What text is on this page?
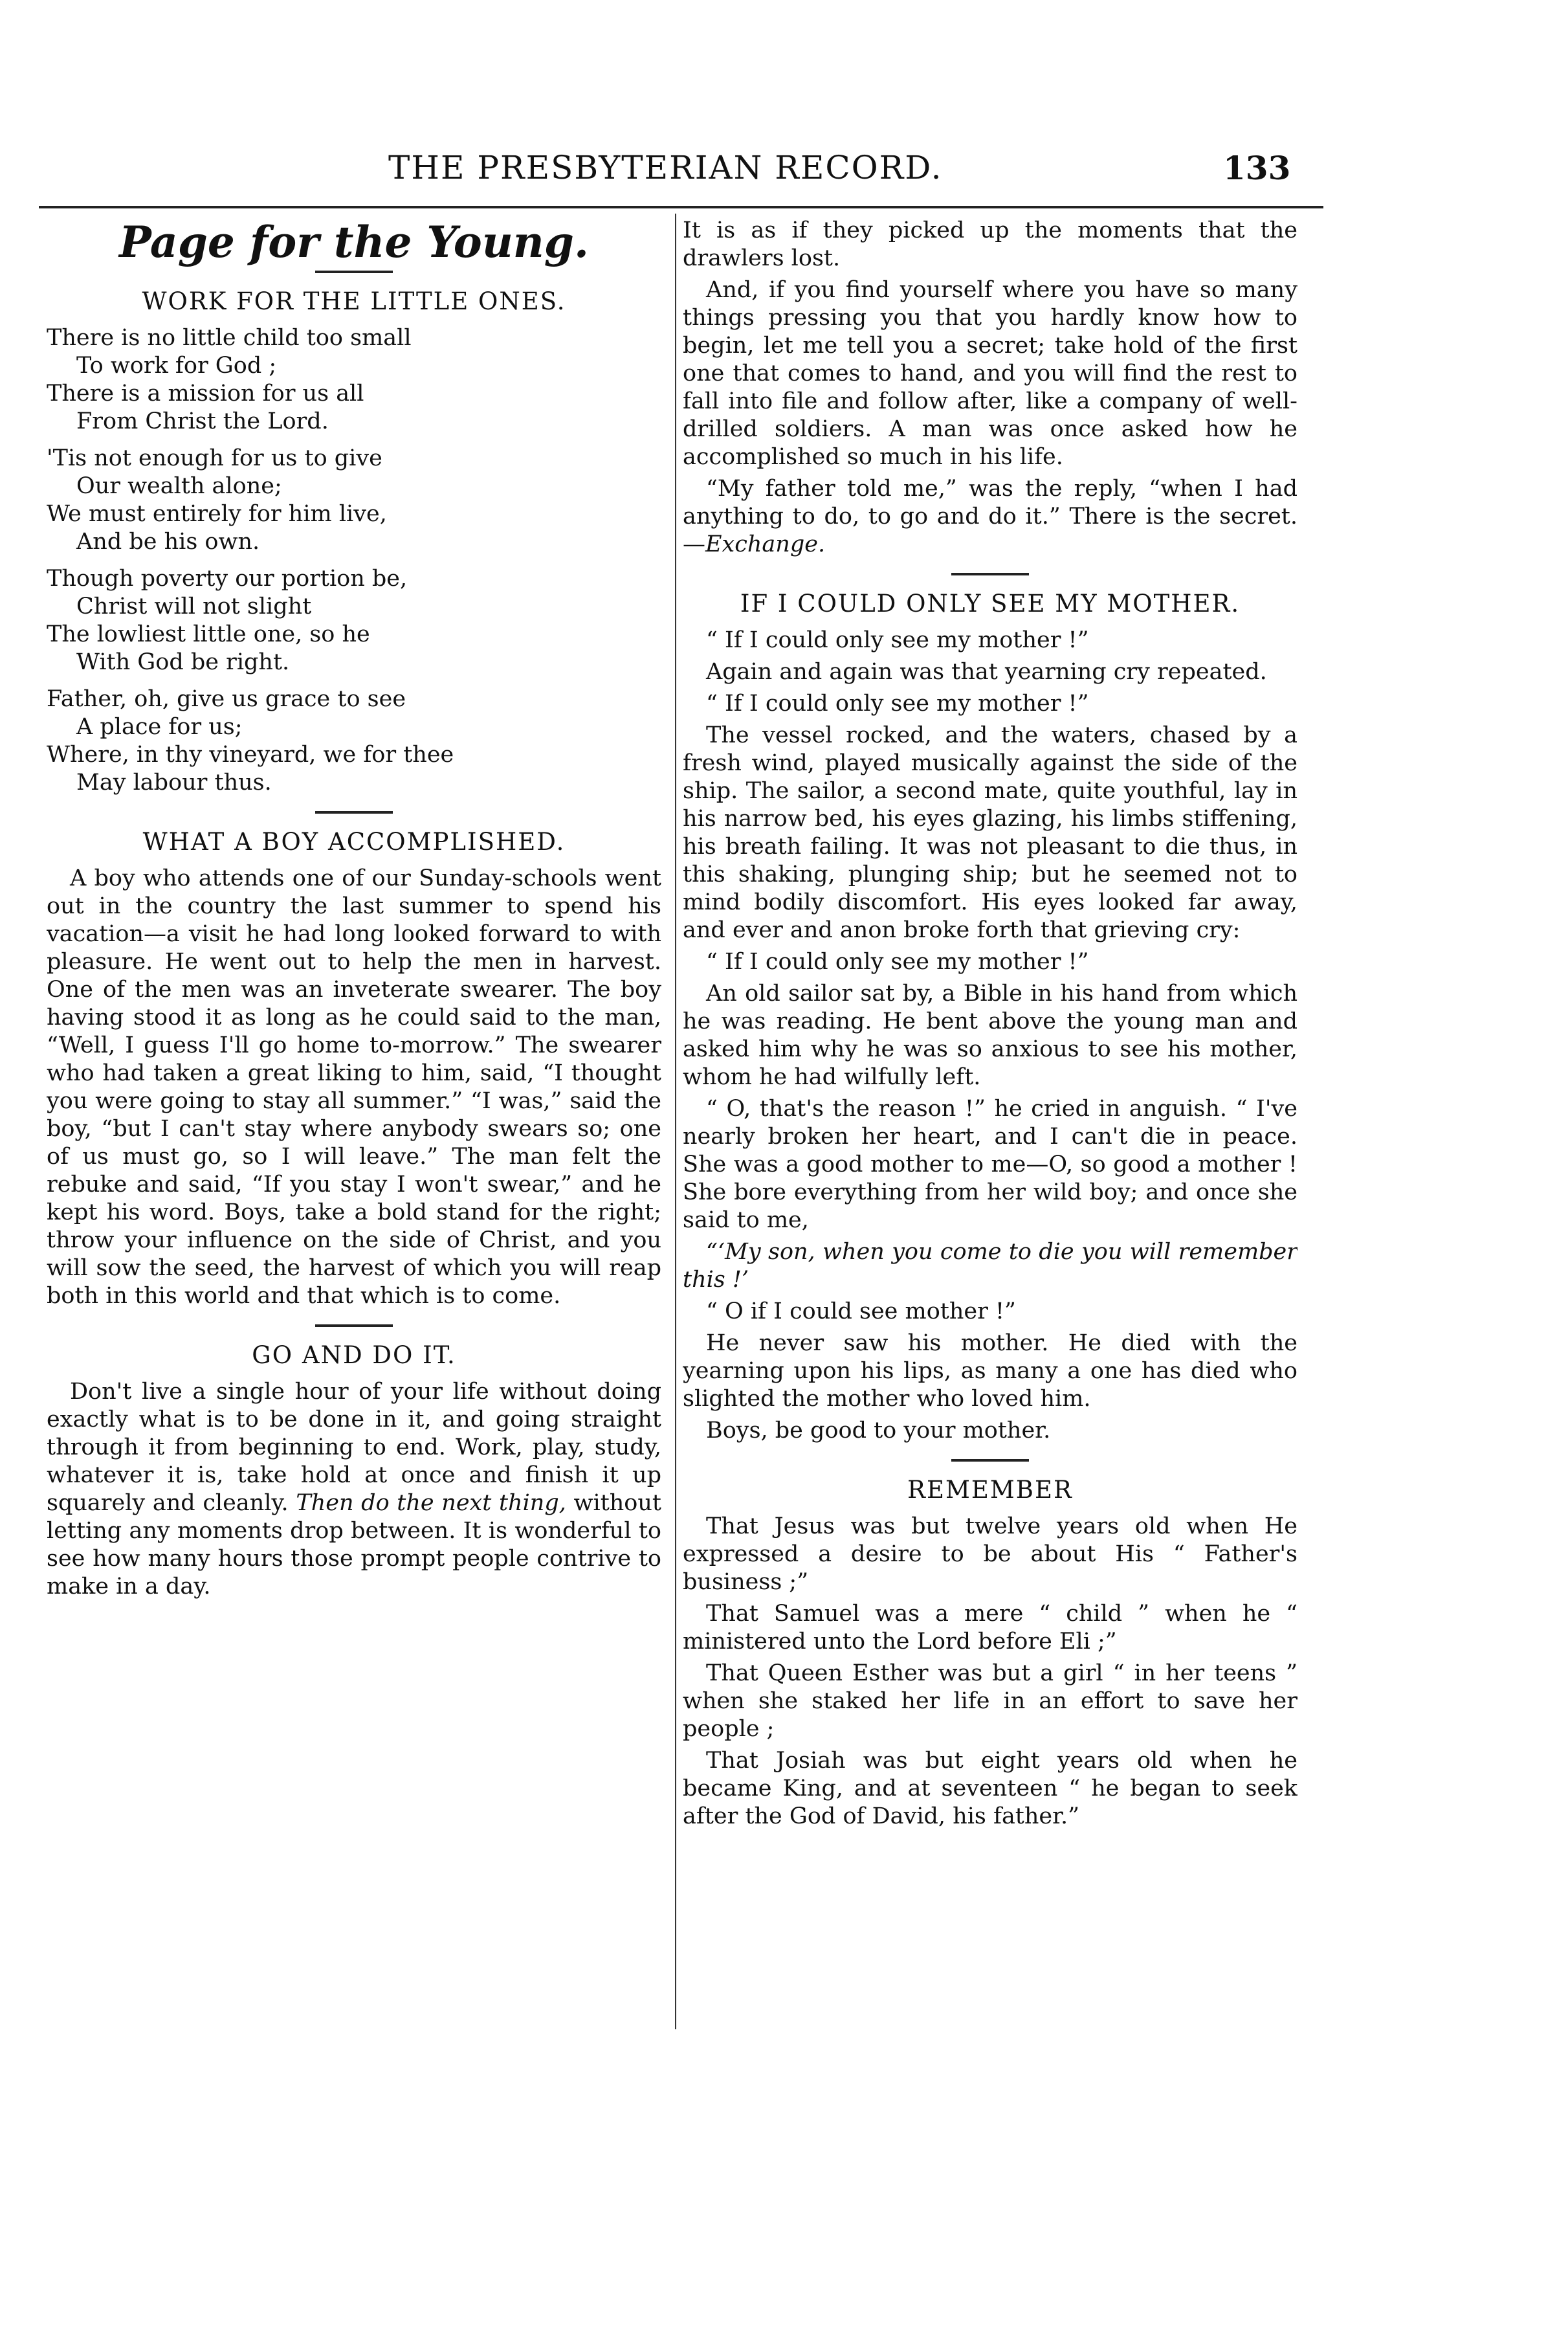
THE PRESBYTERIAN RECORD.	133
Page for the Young.
WORK FOR THE LITTLE ONES.
There is no little child too small
To work for God ;
There is a mission for us all
From Christ the Lord.
'Tis not enough for us to give
Our wealth alone;
We must entirely for him live,
And be his own.
Though poverty our portion be,
Christ will not slight
The lowliest little one, so he
With God be right.
Father, oh, give us grace to see
A place for us;
Where, in thy vineyard, we for thee
May labour thus.
WHAT A BOY ACCOMPLISHED.

A boy who attends one of our Sunday-schools went out in the country the last summer to spend his vacation—a visit he had long looked forward to with pleasure. He went out to help the men in harvest. One of the men was an inveterate swearer. The boy having stood it as long as he could said to the man, “Well, I guess I'll go home to-morrow.” The swearer who had taken a great liking to him, said, “I thought you were going to stay all summer.” “I was,” said the boy, “but I can't stay where anybody swears so; one of us must go, so I will leave.” The man felt the rebuke and said, “If you stay I won't swear,” and he kept his word. Boys, take a bold stand for the right; throw your influence on the side of Christ, and you will sow the seed, the harvest of which you will reap both in this world and that which is to come.

GO AND DO IT.

Don't live a single hour of your life without doing exactly what is to be done in it, and going straight through it from beginning to end. Work, play, study, whatever it is, take hold at once and finish it up squarely and cleanly. Then do the next thing, without letting any moments drop between. It is wonderful to see how many hours those prompt people contrive to make in a day.

It is as if they picked up the moments that the drawlers lost.

And, if you find yourself where you have so many things pressing you that you hardly know how to begin, let me tell you a secret; take hold of the first one that comes to hand, and you will find the rest to fall into file and follow after, like a company of well-drilled soldiers. A man was once asked how he accomplished so much in his life.

“My father told me,” was the reply, “when I had anything to do, to go and do it.” There is the secret.—Exchange.

IF I COULD ONLY SEE MY MOTHER.

“ If I could only see my mother !”

Again and again was that yearning cry repeated.

“ If I could only see my mother !”

The vessel rocked, and the waters, chased by a fresh wind, played musically against the side of the ship. The sailor, a second mate, quite youthful, lay in his narrow bed, his eyes glazing, his limbs stiffening, his breath failing. It was not pleasant to die thus, in this shaking, plunging ship; but he seemed not to mind bodily discomfort. His eyes looked far away, and ever and anon broke forth that grieving cry:

“ If I could only see my mother !”

An old sailor sat by, a Bible in his hand from which he was reading. He bent above the young man and asked him why he was so anxious to see his mother, whom he had wilfully left.

“ O, that's the reason !” he cried in anguish. “ I've nearly broken her heart, and I can't die in peace. She was a good mother to me—O, so good a mother ! She bore everything from her wild boy; and once she said to me,

“‘My son, when you come to die you will remember this !’

“ O if I could see mother !”

He never saw his mother. He died with the yearning upon his lips, as many a one has died who slighted the mother who loved him.

Boys, be good to your mother.

REMEMBER

That Jesus was but twelve years old when He expressed a desire to be about His “ Father's business ;”

That Samuel was a mere “ child ” when he “ ministered unto the Lord before Eli ;”

That Queen Esther was but a girl “ in her teens ” when she staked her life in an effort to save her people ;

That Josiah was but eight years old when he became King, and at seventeen “ he began to seek after the God of David, his father.”
